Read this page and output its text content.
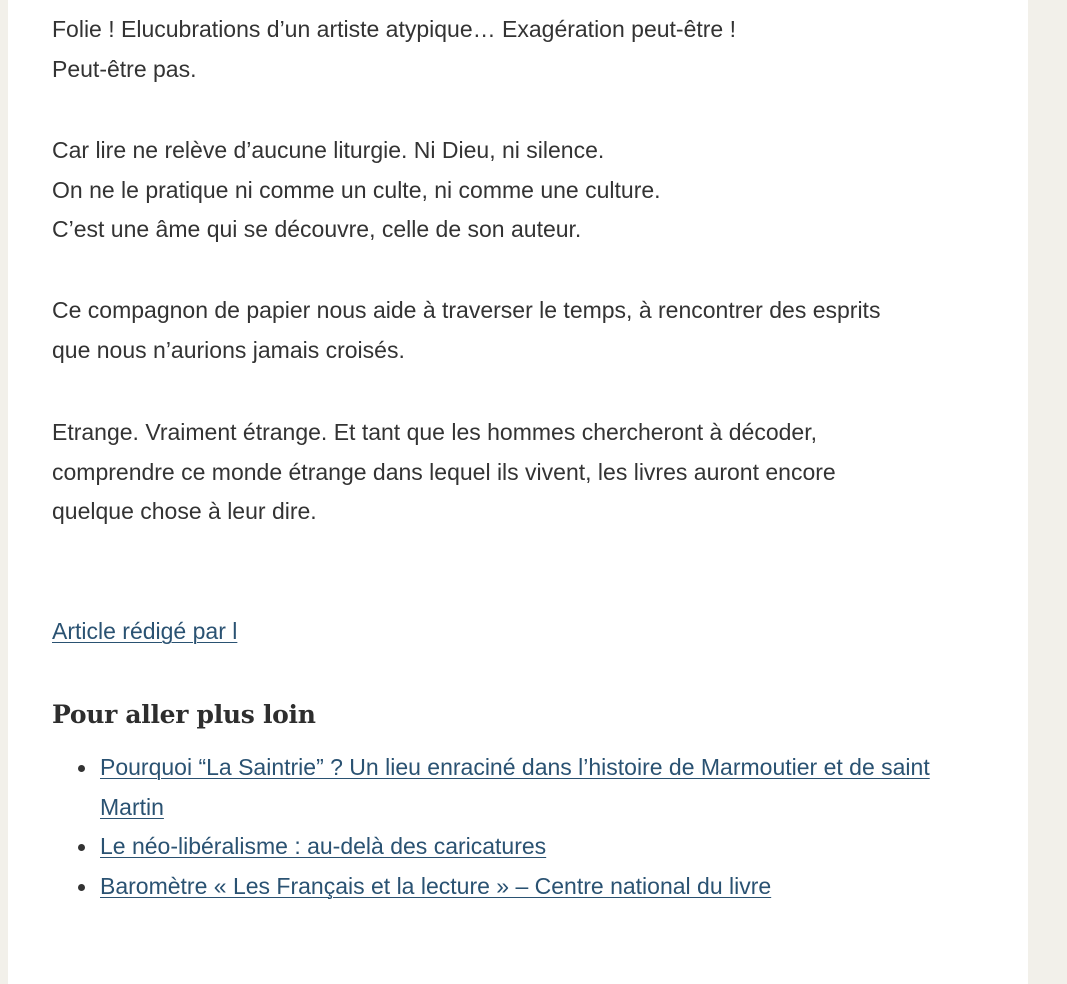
Folie ! Elucubrations d’un artiste atypique… Exagération peut-être !
Peut-être pas.

Car lire ne relève d’aucune liturgie. Ni Dieu, ni silence.
On ne le pratique ni comme un culte, ni comme une culture.
C’est une âme qui se découvre, celle de son auteur.

Ce compagnon de papier nous aide à traverser le temps, à rencontrer des esprits
que nous n’aurions jamais croisés.

Etrange. Vraiment étrange. Et tant que les hommes chercheront à décoder,
comprendre ce monde étrange dans lequel ils vivent, les livres auront encore
quelque chose à leur dire.

Article rédigé par l
Pour aller plus loin
Pourquoi “La Saintrie” ? Un lieu enraciné dans l’histoire de Marmoutier et de saint Martin
Le néo-libéralisme : au-delà des caricatures
Baromètre « Les Français et la lecture » – Centre national du livre
